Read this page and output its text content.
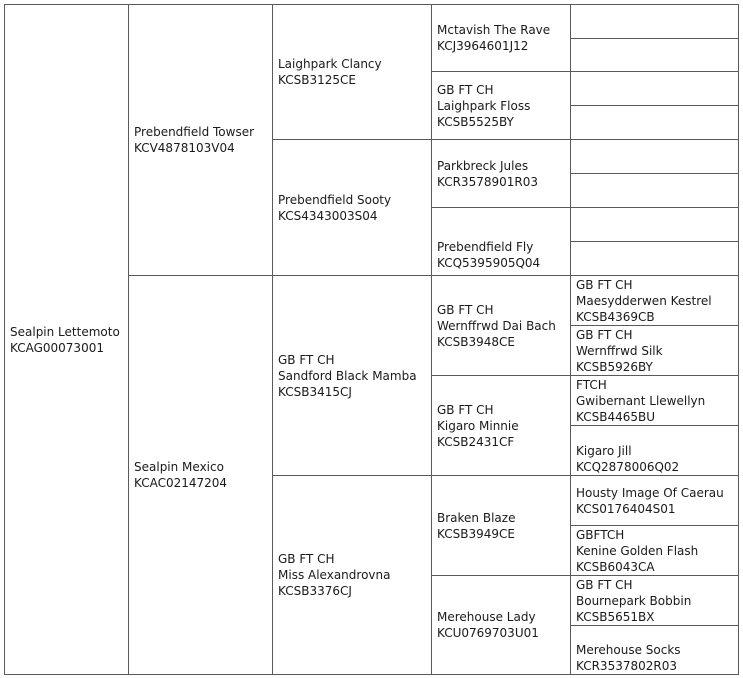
Sealpin Lettemoto
KCAG00073001
Prebendfield Towser
KCV4878103V04
Sealpin Mexico
KCAC02147204
Laighpark Clancy
KCSB3125CE
Prebendfield Sooty
KCS4343003S04
GB FT CH
Sandford Black Mamba
KCSB3415CJ
GB FT CH
Miss Alexandrovna
KCSB3376CJ
Mctavish The Rave
KCJ3964601J12
GB FT CH
Laighpark Floss
KCSB5525BY
Parkbreck Jules
KCR3578901R03
Prebendfield Fly
KCQ5395905Q04
GB FT CH
Wernffrwd Dai Bach
KCSB3948CE
GB FT CH
Kigaro Minnie
KCSB2431CF
Braken Blaze
KCSB3949CE
Merehouse Lady
KCU0769703U01
GB FT CH
Maesydderwen Kestrel
KCSB4369CB
GB FT CH
Wernffrwd Silk
KCSB5926BY
FTCH
Gwibernant Llewellyn
KCSB4465BU
Kigaro Jill
KCQ2878006Q02
Housty Image Of Caerau
KCS0176404S01
GBFTCH
Kenine Golden Flash
KCSB6043CA
GB FT CH
Bournepark Bobbin
KCSB5651BX
Merehouse Socks
KCR3537802R03
